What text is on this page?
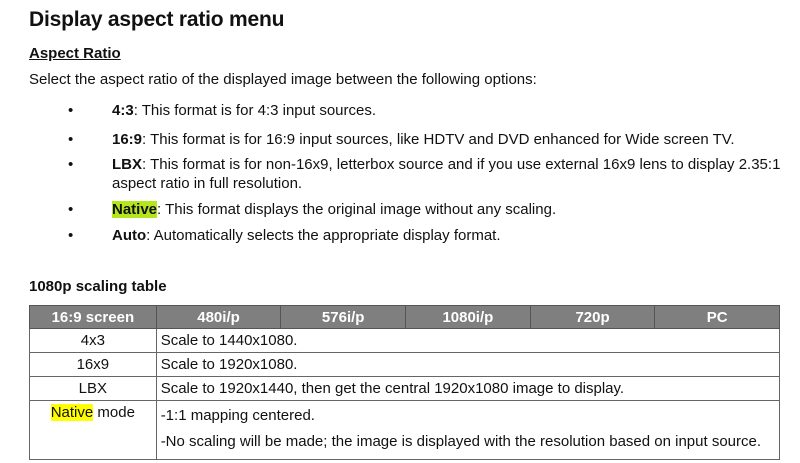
Display aspect ratio menu
Aspect Ratio
Select the aspect ratio of the displayed image between the following options:
•	4:3: This format is for 4:3 input sources.
•	16:9: This format is for 16:9 input sources, like HDTV and DVD enhanced for Wide screen TV.
•	LBX: This format is for non-16x9, letterbox source and if you use external 16x9 lens to display 2.35:1 aspect ratio in full resolution.
•	Native: This format displays the original image without any scaling.
•	Auto: Automatically selects the appropriate display format.
1080p scaling table
16:9 screen	480i/p	576i/p	1080i/p	720p	PC
4x3	Scale to 1440x1080.				
16x9	Scale to 1920x1080.				
LBX	Scale to 1920x1440, then get the central 1920x1080 image to display.				
Native mode	-1:1 mapping centered.
-No scaling will be made; the image is displayed with the resolution based on input source.				
